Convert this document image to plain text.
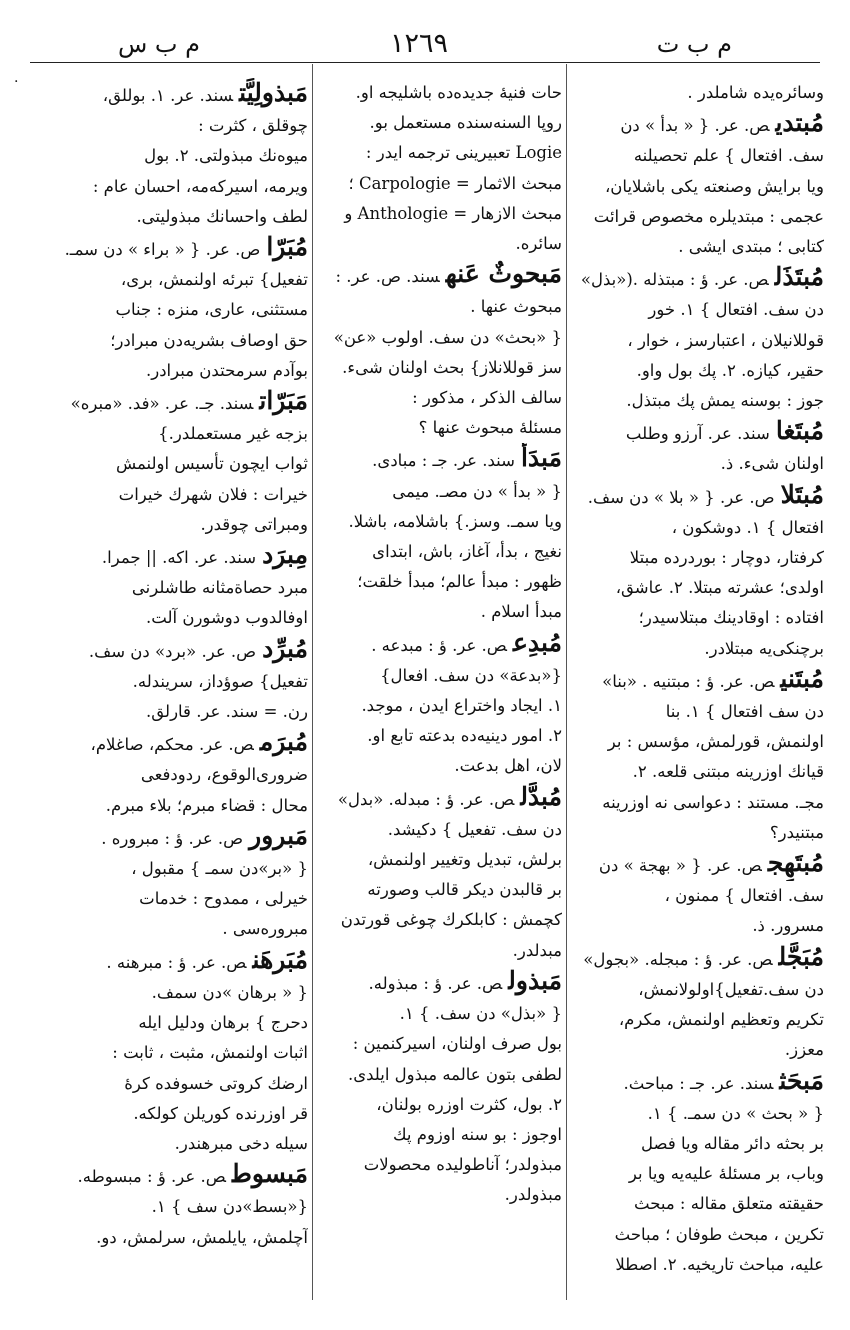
م ب س	١٢٦٩	م ب ت
.
وسائره‌يده شاملدر .
مُبتدیص. عر. { « بدأ » دن
سف. افتعال } علم تحصيلنه
ويا برايش وصنعته يكی باشلايان،
عجمی : مبتديلره مخصوص قرائت
كتابی ؛ مبتدی ايشی .
مُبتَذَلص. عر. ؤ : مبتذله .(«بذل»
دن سف. افتعال } ١. خور
قوللانيلان ، اعتبارسز ، خوار ،
حقير، كيازه. ٢. پك بول واو.
جوز : بوسنه يمش پك مبتذل.
مُبتَغاسند. عر. آرزو وطلب
اولنان شیء. ذ.
مُبتَلاص. عر. { « بلا » دن سف.
افتعال } ١. دوشكون ،
كرفتار، دوچار : بوردرده مبتلا
اولدی؛ عشرته مبتلا. ٢. عاشق،
افتاده : اوقادينك مبتلاسيدر؛
برچنكی‌يه مبتلادر.
مُبتَنیص. عر. ؤ : مبتنيه . «بنا»
دن سف افتعال } ١. بنا
اولنمش، قورلمش، مؤسس : بر
قيانك اوزرينه مبتنی قلعه. ٢.
مجـ. مستند : دعواسی نه اوزرينه
مبتنيدر؟
مُبتَهِجص. عر. { « بهجة » دن
سف. افتعال } ممنون ،
مسرور. ذ.
مُبَجَّلص. عر. ؤ : مبجله. «بجول»
دن سف.تفعيل}اولولانمش،
تكريم وتعظيم اولنمش، مكرم،
معزز.
مَبحَثسند. عر. جـ : مباحث.
{ « بحث » دن سمـ. } ١.
بر بحثه دائر مقاله ويا فصل
وباب، بر مسئلهٔ عليه‌يه ويا بر
حقيقته متعلق مقاله : مبحث
تكرين ، مبحث طوفان ؛ مباحث
عليه، مباحث تاريخيه. ٢. اصطلا
حات فنيهٔ جديده‌ده باشليجه او.
روپا السنه‌سنده مستعمل بو.
Logie تعبيرينی ترجمه ايدر :
مبحث الاثمار = Carpologie ؛
مبحث الازهار = Anthologie و
سائره.
مَبحوثٌ عَنهسند. ص. عر. :
مبحوث عنها .
{ «بحث» دن سف. اولوب «عن»
سز قوللانلاز} بحث اولنان شیء.
سالف الذكر ، مذكور :
مسئلهٔ مبحوث عنها ؟
مَبدَأسند. عر. جـ : مبادی.
{ « بدأ » دن مصـ. ميمی
ويا سمـ. وسز.} باشلامه، باشلا.
نغيج ، بدأ، آغاز، باش، ابتدای
ظهور : مبدأ عالم؛ مبدأ خلقت؛
مبدأ اسلام .
مُبدِعص. عر. ؤ : مبدعه .
{«بدعة» دن سف. افعال}
١. ايجاد واختراع ايدن ، موجد.
٢. امور دينيه‌ده بدعته تابع او.
لان، اهل بدعت.
مُبدَّلص. عر. ؤ : مبدله. «بدل»
دن سف. تفعيل } دكيشد.
برلش، تبديل وتغيير اولنمش،
بر قالبدن ديكر قالب وصورته
كچمش : كابلكرك چوغی قورتدن
مبدلدر.
مَبذولص. عر. ؤ : مبذوله.
{ «بذل» دن سف. } ١.
بول صرف اولنان، اسيركنمين :
لطفی بتون عالمه مبذول ايلدی.
٢. بول، كثرت اوزره بولنان،
اوجوز : بو سنه اوزوم پك
مبذولدر؛ آناطوليده محصولات
مبذولدر.
مَبذولِيَّتسند. عر. ١. بوللق،
چوقلق ، كثرت :
ميوه‌نك مبذولتی. ٢. بول
ويرمه، اسيركه‌مه، احسان عام :
لطف واحسانك مبذوليتی.
مُبَرّاص. عر. { « براء » دن سمـ.
تفعيل} تبرئه اولنمش، بری،
مستثنی، عاری، منزه : جناب
حق اوصاف بشريه‌دن مبرادر؛
بوآدم سرمحتدن مبرادر.
مَبَرّاتسند. جـ. عر. «فد. «مبره»
بزجه غير مستعملدر.}
ثواب ايچون تأسيس اولنمش
خيرات : فلان شهرك خيرات
ومبراتی چوقدر.
مِبرَدسند. عر. اكه. || جمرا.
مبرد حصاة‌مثانه طاشلرنی
اوفالدوب دوشورن آلت.
مُبرِّدص. عر. «برد» دن سف.
تفعيل} صوؤداز، سريندله.
رن. = سند. عر. قارلق.
مُبرَمص. عر. محكم، صاغلام،
ضروری‌الوقوع، ردودفعی
محال : قضاء مبرم؛ بلاء مبرم.
مَبرورص. عر. ؤ : مبروره .
{ «بر»دن سمـ } مقبول ،
خيرلی ، ممدوح : خدمات
مبروره‌سی .
مُبَرهَنص. عر. ؤ : مبرهنه .
{ « برهان »دن سمف.
دحرج } برهان ودليل ايله
اثبات اولنمش، مثبت ، ثابت :
ارضك كروتی خسوفده كرهٔ
قر اوزرنده كوريلن كولكه.
سيله دخی مبرهندر.
مَبسوطص. عر. ؤ : مبسوطه.
{«بسط»دن سف } ١.
آچلمش، يايلمش، سرلمش، دو.
